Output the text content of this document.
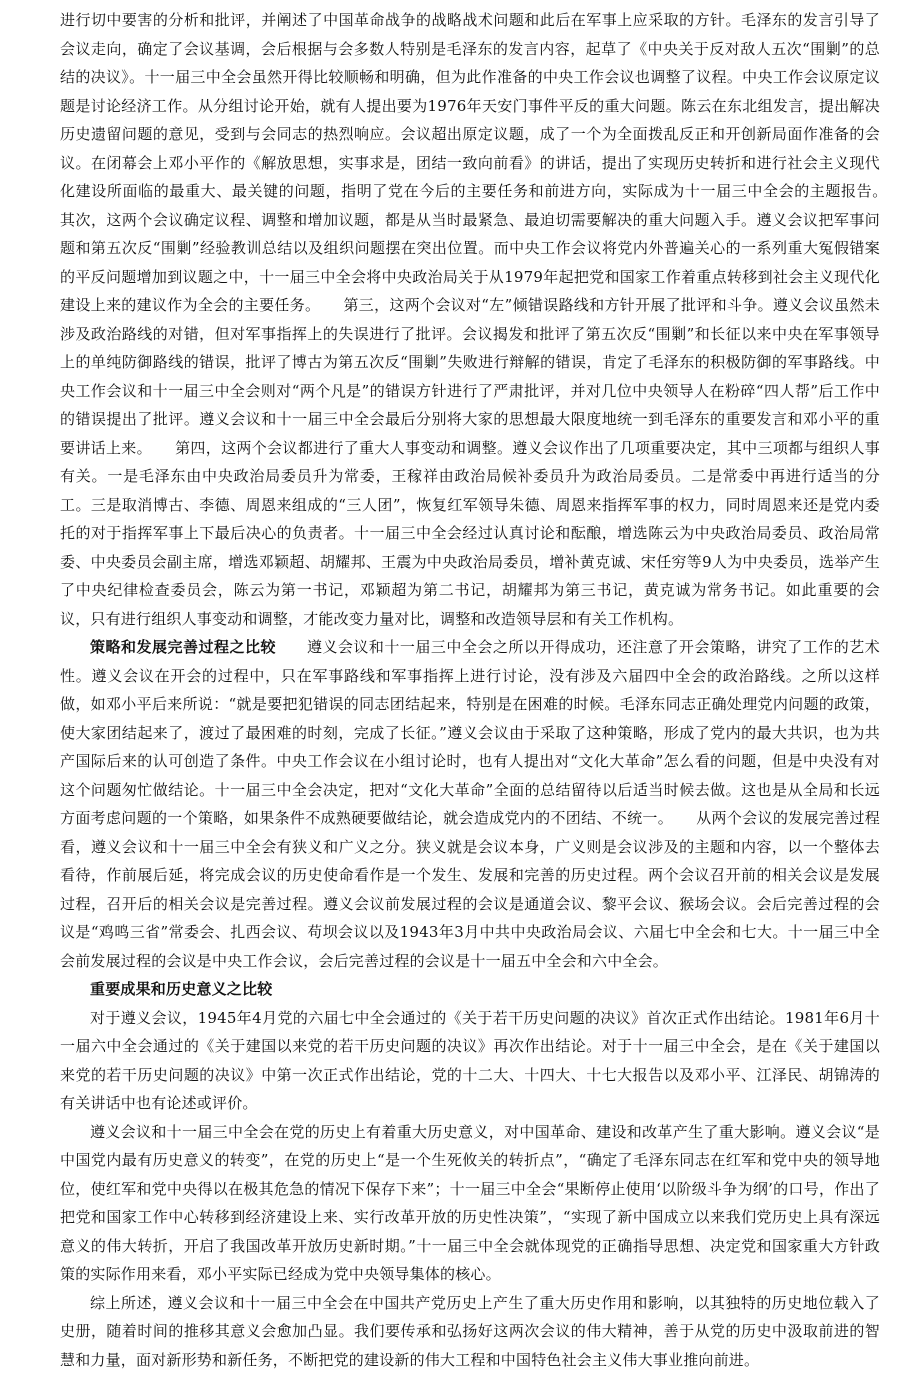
进行切中要害的分析和批评，并阐述了中国革命战争的战略战术问题和此后在军事上应采取的方针。毛泽东的发言引导了会议走向，确定了会议基调，会后根据与会多数人特别是毛泽东的发言内容，起草了《中央关于反对敌人五次“围剿”的总结的决议》。十一届三中全会虽然开得比较顺畅和明确，但为此作准备的中央工作会议也调整了议程。中央工作会议原定议题是讨论经济工作。从分组讨论开始，就有人提出要为1976年天安门事件平反的重大问题。陈云在东北组发言，提出解决历史遗留问题的意见，受到与会同志的热烈响应。会议超出原定议题，成了一个为全面拨乱反正和开创新局面作准备的会议。在闭幕会上邓小平作的《解放思想，实事求是，团结一致向前看》的讲话，提出了实现历史转折和进行社会主义现代化建设所面临的最重大、最关键的问题，指明了党在今后的主要任务和前进方向，实际成为十一届三中全会的主题报告。　　其次，这两个会议确定议程、调整和增加议题，都是从当时最紧急、最迫切需要解决的重大问题入手。遵义会议把军事问题和第五次反“围剿”经验教训总结以及组织问题摆在突出位置。而中央工作会议将党内外普遍关心的一系列重大冤假错案的平反问题增加到议题之中，十一届三中全会将中央政治局关于从1979年起把党和国家工作着重点转移到社会主义现代化建设上来的建议作为全会的主要任务。　　第三，这两个会议对“左”倾错误路线和方针开展了批评和斗争。遵义会议虽然未涉及政治路线的对错，但对军事指挥上的失误进行了批评。会议揭发和批评了第五次反“围剿”和长征以来中央在军事领导上的单纯防御路线的错误，批评了博古为第五次反“围剿”失败进行辩解的错误，肯定了毛泽东的积极防御的军事路线。中央工作会议和十一届三中全会则对“两个凡是”的错误方针进行了严肃批评，并对几位中央领导人在粉碎“四人帮”后工作中的错误提出了批评。遵义会议和十一届三中全会最后分别将大家的思想最大限度地统一到毛泽东的重要发言和邓小平的重要讲话上来。　　第四，这两个会议都进行了重大人事变动和调整。遵义会议作出了几项重要决定，其中三项都与组织人事有关。一是毛泽东由中央政治局委员升为常委，王稼祥由政治局候补委员升为政治局委员。二是常委中再进行适当的分工。三是取消博古、李德、周恩来组成的“三人团”，恢复红军领导朱德、周恩来指挥军事的权力，同时周恩来还是党内委托的对于指挥军事上下最后决心的负责者。十一届三中全会经过认真讨论和酝酿，增选陈云为中央政治局委员、政治局常委、中央委员会副主席，增选邓颖超、胡耀邦、王震为中央政治局委员，增补黄克诚、宋任穷等9人为中央委员，选举产生了中央纪律检查委员会，陈云为第一书记，邓颖超为第二书记，胡耀邦为第三书记，黄克诚为常务书记。如此重要的会议，只有进行组织人事变动和调整，才能改变力量对比，调整和改造领导层和有关工作机构。

策略和发展完善过程之比较　　遵义会议和十一届三中全会之所以开得成功，还注意了开会策略，讲究了工作的艺术性。遵义会议在开会的过程中，只在军事路线和军事指挥上进行讨论，没有涉及六届四中全会的政治路线。之所以这样做，如邓小平后来所说：“就是要把犯错误的同志团结起来，特别是在困难的时候。毛泽东同志正确处理党内问题的政策，使大家团结起来了，渡过了最困难的时刻，完成了长征。”遵义会议由于采取了这种策略，形成了党内的最大共识，也为共产国际后来的认可创造了条件。中央工作会议在小组讨论时，也有人提出对“文化大革命”怎么看的问题，但是中央没有对这个问题匆忙做结论。十一届三中全会决定，把对“文化大革命”全面的总结留待以后适当时候去做。这也是从全局和长远方面考虑问题的一个策略，如果条件不成熟硬要做结论，就会造成党内的不团结、不统一。　　从两个会议的发展完善过程看，遵义会议和十一届三中全会有狭义和广义之分。狭义就是会议本身，广义则是会议涉及的主题和内容，以一个整体去看待，作前展后延，将完成会议的历史使命看作是一个发生、发展和完善的历史过程。两个会议召开前的相关会议是发展过程，召开后的相关会议是完善过程。遵义会议前发展过程的会议是通道会议、黎平会议、猴场会议。会后完善过程的会议是“鸡鸣三省”常委会、扎西会议、苟坝会议以及1943年3月中共中央政治局会议、六届七中全会和七大。十一届三中全会前发展过程的会议是中央工作会议，会后完善过程的会议是十一届五中全会和六中全会。

重要成果和历史意义之比较

对于遵义会议，1945年4月党的六届七中全会通过的《关于若干历史问题的决议》首次正式作出结论。1981年6月十一届六中全会通过的《关于建国以来党的若干历史问题的决议》再次作出结论。对于十一届三中全会，是在《关于建国以来党的若干历史问题的决议》中第一次正式作出结论，党的十二大、十四大、十七大报告以及邓小平、江泽民、胡锦涛的有关讲话中也有论述或评价。

遵义会议和十一届三中全会在党的历史上有着重大历史意义，对中国革命、建设和改革产生了重大影响。遵义会议“是中国党内最有历史意义的转变”，在党的历史上“是一个生死攸关的转折点”，“确定了毛泽东同志在红军和党中央的领导地位，使红军和党中央得以在极其危急的情况下保存下来”；十一届三中全会“果断停止使用‘以阶级斗争为纲’的口号，作出了把党和国家工作中心转移到经济建设上来、实行改革开放的历史性决策”，“实现了新中国成立以来我们党历史上具有深远意义的伟大转折，开启了我国改革开放历史新时期。”十一届三中全会就体现党的正确指导思想、决定党和国家重大方针政策的实际作用来看，邓小平实际已经成为党中央领导集体的核心。

综上所述，遵义会议和十一届三中全会在中国共产党历史上产生了重大历史作用和影响，以其独特的历史地位载入了史册，随着时间的推移其意义会愈加凸显。我们要传承和弘扬好这两次会议的伟大精神，善于从党的历史中汲取前进的智慧和力量，面对新形势和新任务，不断把党的建设新的伟大工程和中国特色社会主义伟大事业推向前进。
